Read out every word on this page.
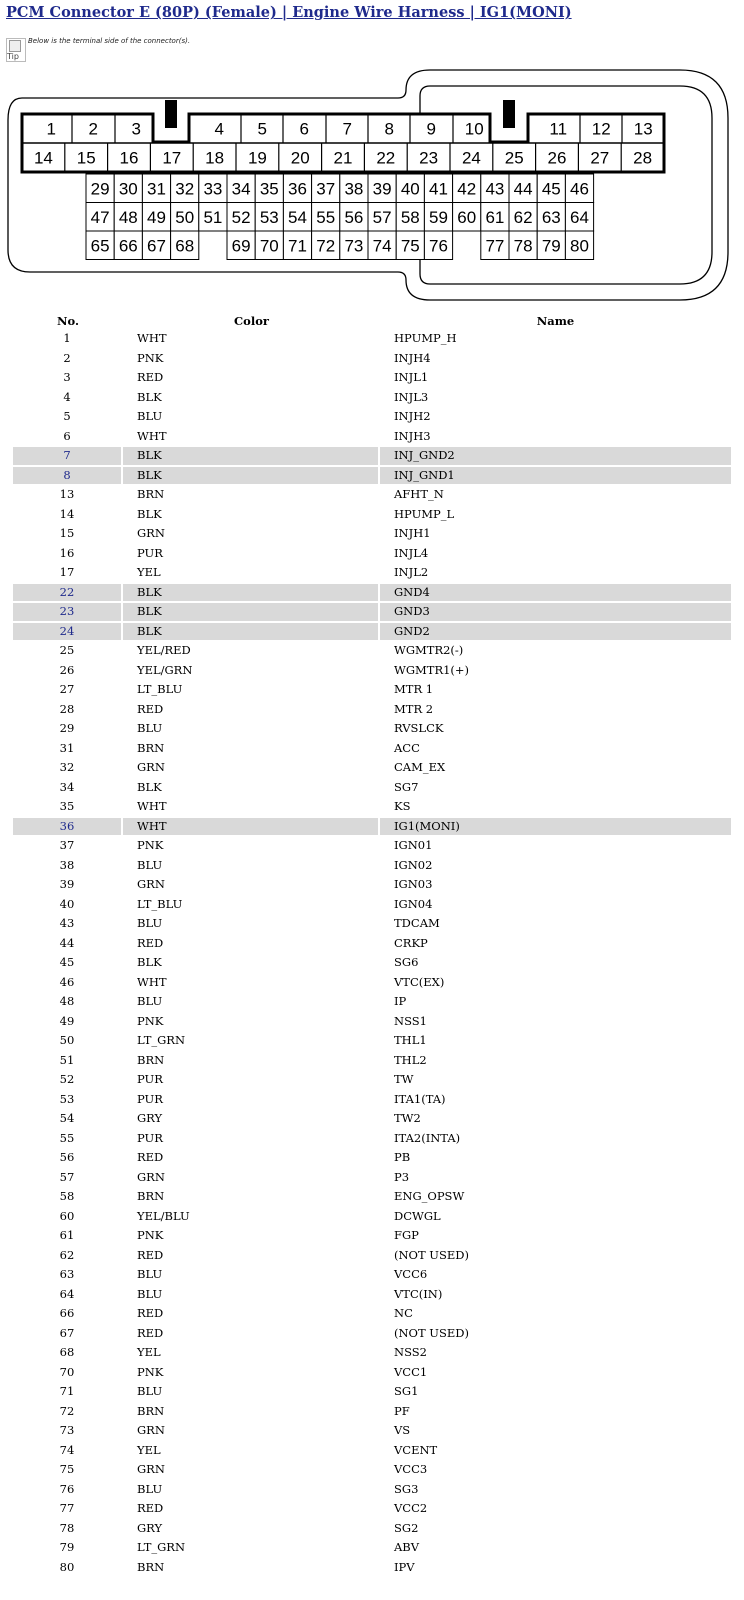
PCM Connector E (80P) (Female) | Engine Wire Harness | IG1(MONI)
Tip
Below is the terminal side of the connector(s).
1 2 3	4 5 6 7 8 9 10	11 12 13
14 15 16 17 18 19 20 21 22 23 24 25 26 27 28
29 30 31 32 33 34 35 36 37 38 39 40 41 42 43 44 45 46
47 48 49 50 51 52 53 54 55 56 57 58 59 60 61 62 63 64
65 66 67 68 69 70 71 72 73 74 75 76 77 78 79 80
No.	Color	Name
1	WHT	HPUMP_H
2	PNK	INJH4
3	RED	INJL1
4	BLK	INJL3
5	BLU	INJH2
6	WHT	INJH3
7	BLK	INJ_GND2
8	BLK	INJ_GND1
13	BRN	AFHT_N
14	BLK	HPUMP_L
15	GRN	INJH1
16	PUR	INJL4
17	YEL	INJL2
22	BLK	GND4
23	BLK	GND3
24	BLK	GND2
25	YEL/RED	WGMTR2(-)
26	YEL/GRN	WGMTR1(+)
27	LT_BLU	MTR 1
28	RED	MTR 2
29	BLU	RVSLCK
31	BRN	ACC
32	GRN	CAM_EX
34	BLK	SG7
35	WHT	KS
36	WHT	IG1(MONI)
37	PNK	IGN01
38	BLU	IGN02
39	GRN	IGN03
40	LT_BLU	IGN04
43	BLU	TDCAM
44	RED	CRKP
45	BLK	SG6
46	WHT	VTC(EX)
48	BLU	IP
49	PNK	NSS1
50	LT_GRN	THL1
51	BRN	THL2
52	PUR	TW
53	PUR	ITA1(TA)
54	GRY	TW2
55	PUR	ITA2(INTA)
56	RED	PB
57	GRN	P3
58	BRN	ENG_OPSW
60	YEL/BLU	DCWGL
61	PNK	FGP
62	RED	(NOT USED)
63	BLU	VCC6
64	BLU	VTC(IN)
66	RED	NC
67	RED	(NOT USED)
68	YEL	NSS2
70	PNK	VCC1
71	BLU	SG1
72	BRN	PF
73	GRN	VS
74	YEL	VCENT
75	GRN	VCC3
76	BLU	SG3
77	RED	VCC2
78	GRY	SG2
79	LT_GRN	ABV
80	BRN	IPV
